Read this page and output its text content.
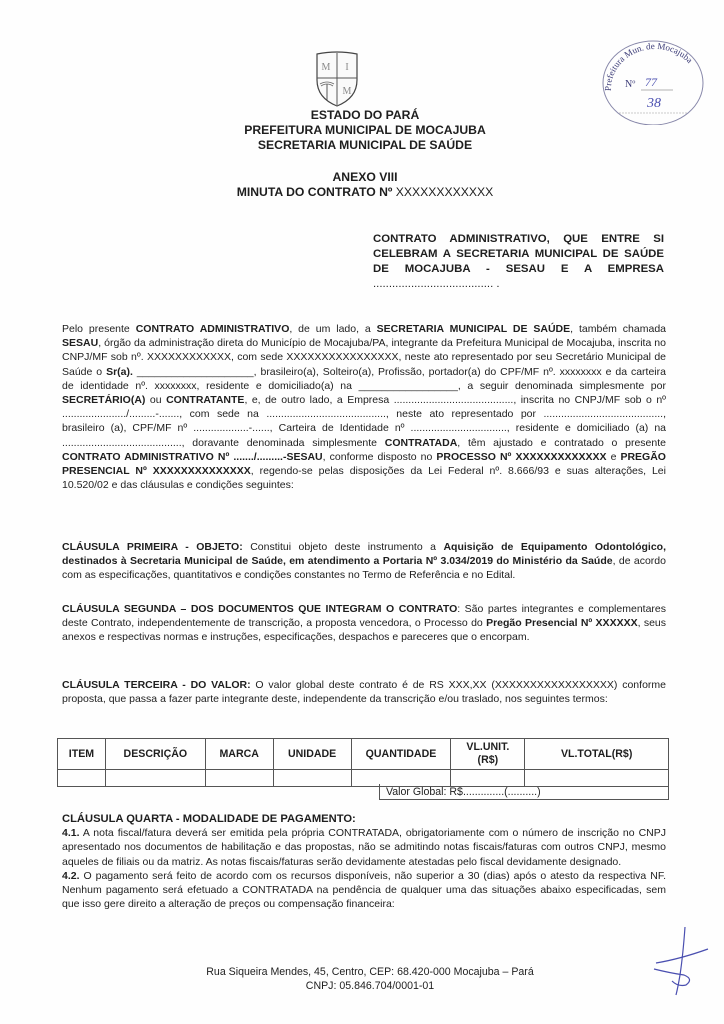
M I
M	Prefeitura Mun. de Mocajuba
Nº 77
38
ESTADO DO PARÁ
PREFEITURA MUNICIPAL DE MOCAJUBA
SECRETARIA MUNICIPAL DE SAÚDE
ANEXO VIII
MINUTA DO CONTRATO Nº XXXXXXXXXXXX
CONTRATO ADMINISTRATIVO, QUE ENTRE SI
CELEBRAM A SECRETARIA MUNICIPAL DE SAÚDE
DE MOCAJUBA - SESAU E A EMPRESA
...................................... .
Pelo presente CONTRATO ADMINISTRATIVO, de um lado, a SECRETARIA MUNICIPAL DE SAÚDE, também chamada SESAU, órgão da administração direta do Município de Mocajuba/PA, integrante da Prefeitura Municipal de Mocajuba, inscrita no CNPJ/MF sob nº. XXXXXXXXXXXX, com sede XXXXXXXXXXXXXXXX, neste ato representado por seu Secretário Municipal de Saúde o Sr(a). ____________________, brasileiro(a), Solteiro(a), Profissão, portador(a) do CPF/MF nº. xxxxxxxx e da carteira de identidade nº. xxxxxxxx, residente e domiciliado(a) na _________________, a seguir denominada simplesmente por SECRETÁRIO(A) ou CONTRATANTE, e, de outro lado, a Empresa ........................................., inscrita no CNPJ/MF sob o nº ....................../.........-......., com sede na ........................................., neste ato representado por ........................................., brasileiro (a), CPF/MF nº ...................-......, Carteira de Identidade nº ................................., residente e domiciliado (a) na ........................................., doravante denominada simplesmente CONTRATADA, têm ajustado e contratado o presente CONTRATO ADMINISTRATIVO Nº ......./.........-SESAU, conforme disposto no PROCESSO Nº XXXXXXXXXXXXX e PREGÃO PRESENCIAL Nº XXXXXXXXXXXXXX, regendo-se pelas disposições da Lei Federal nº. 8.666/93 e suas alterações, Lei 10.520/02 e das cláusulas e condições seguintes:
CLÁUSULA PRIMEIRA - OBJETO: Constitui objeto deste instrumento a Aquisição de Equipamento Odontológico, destinados à Secretaria Municipal de Saúde, em atendimento a Portaria Nº 3.034/2019 do Ministério da Saúde, de acordo com as especificações, quantitativos e condições constantes no Termo de Referência e no Edital.
CLÁUSULA SEGUNDA – DOS DOCUMENTOS QUE INTEGRAM O CONTRATO: São partes integrantes e complementares deste Contrato, independentemente de transcrição, a proposta vencedora, o Processo do Pregão Presencial Nº XXXXXX, seus anexos e respectivas normas e instruções, especificações, despachos e pareceres que o encorpam.
CLÁUSULA TERCEIRA - DO VALOR: O valor global deste contrato é de RS XXX,XX (XXXXXXXXXXXXXXXXX) conforme proposta, que passa a fazer parte integrante deste, independente da transcrição e/ou traslado, nos seguintes termos:
ITEM	DESCRIÇÃO	MARCA	UNIDADE	QUANTIDADE	VL.UNIT. (R$)	VL.TOTAL(R$)

Valor Global: R$..............(..........)
CLÁUSULA QUARTA - MODALIDADE DE PAGAMENTO:
4.1. A nota fiscal/fatura deverá ser emitida pela própria CONTRATADA, obrigatoriamente com o número de inscrição no CNPJ apresentado nos documentos de habilitação e das propostas, não se admitindo notas fiscais/faturas com outros CNPJ, mesmo aqueles de filiais ou da matriz. As notas fiscais/faturas serão devidamente atestadas pelo fiscal devidamente designado.
4.2. O pagamento será feito de acordo com os recursos disponíveis, não superior a 30 (dias) após o atesto da respectiva NF. Nenhum pagamento será efetuado a CONTRATADA na pendência de qualquer uma das situações abaixo especificadas, sem que isso gere direito a alteração de preços ou compensação financeira:
Rua Siqueira Mendes, 45, Centro, CEP: 68.420-000 Mocajuba – Pará
CNPJ: 05.846.704/0001-01
